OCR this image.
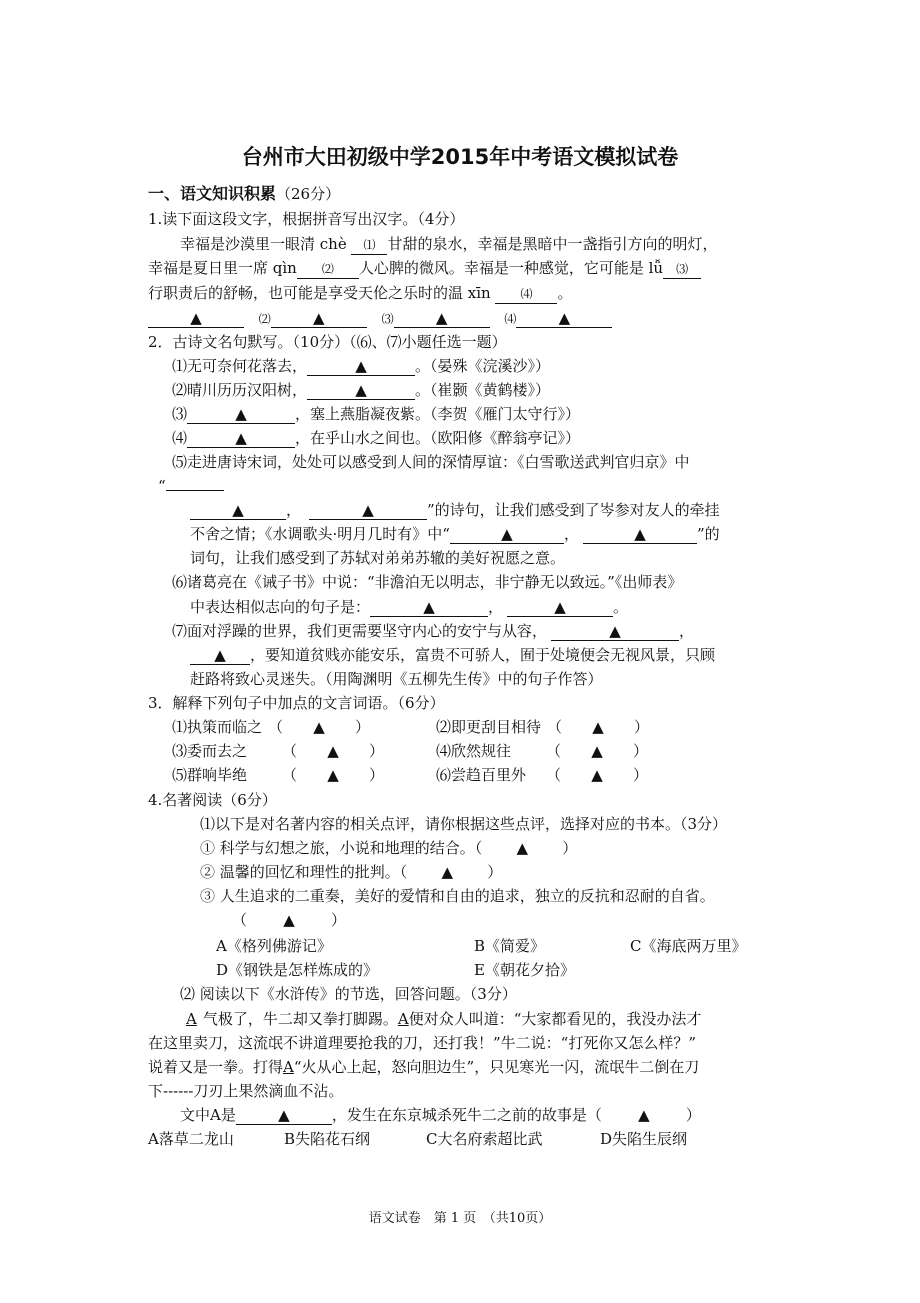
台州市大田初级中学2015年中考语文模拟试卷
一、语文知识积累（26分）
1.读下面这段文字，根据拼音写出汉字。（4分）
幸福是沙漠里一眼清 chè ⑴ 甘甜的泉水，幸福是黑暗中一盏指引方向的明灯，
幸福是夏日里一席 qìn ⑵ 人心脾的微风。幸福是一种感觉，它可能是 lǚ ⑶
行职责后的舒畅，也可能是享受天伦之乐时的温 xīn ⑷ 。
▲	⑵	▲	⑶	▲	⑷	▲
2．古诗文名句默写。（10分）（⑹、⑺小题任选一题）
⑴无可奈何花落去，	▲	。（晏殊《浣溪沙》）
⑵晴川历历汉阳树，	▲	。（崔颢《黄鹤楼》）
⑶	▲	，塞上燕脂凝夜紫。（李贺《雁门太守行》）
⑷	▲	，在乎山水之间也。（欧阳修《醉翁亭记》）
⑸走进唐诗宋词，处处可以感受到人间的深情厚谊：《白雪歌送武判官归京》中
“
▲	，	▲	”的诗句，让我们感受到了岑参对友人的牵挂
不舍之情；《水调歌头·明月几时有》中“	▲	，	▲	”的
词句，让我们感受到了苏轼对弟弟苏辙的美好祝愿之意。
⑹诸葛亮在《诫子书》中说：“非澹泊无以明志，非宁静无以致远。”《出师表》
中表达相似志向的句子是：	▲	，	▲	。
⑺面对浮躁的世界，我们更需要坚守内心的安宁与从容，	▲	，
▲ ，要知道贫贱亦能安乐，富贵不可骄人，囿于处境便会无视风景，只顾
赶路将致心灵迷失。（用陶渊明《五柳先生传》中的句子作答）
3．解释下列句子中加点的文言词语。（6分）
⑴执策而临之 （ ▲ ）	⑵即更刮目相待 （ ▲ ）
⑶委而去之 （ ▲ ）	⑷欣然规往 （ ▲ ）
⑸群响毕绝 （ ▲ ）	⑹尝趋百里外 （ ▲ ）
4.名著阅读（6分）
⑴以下是对名著内容的相关点评，请你根据这些点评，选择对应的书本。（3分）
① 科学与幻想之旅，小说和地理的结合。（ ▲ ）
② 温馨的回忆和理性的批判。（ ▲ ）
③ 人生追求的二重奏，美好的爱情和自由的追求，独立的反抗和忍耐的自省。
（ ▲ ）
A《格列佛游记》	B《简爱》	C《海底两万里》
D《钢铁是怎样炼成的》	E《朝花夕拾》
⑵ 阅读以下《水浒传》的节选，回答问题。（3分）
A 气极了，牛二却又拳打脚踢。A便对众人叫道：“大家都看见的，我没办法才
在这里卖刀，这流氓不讲道理要抢我的刀，还打我！”牛二说：“打死你又怎么样？”
说着又是一拳。打得A“火从心上起，怒向胆边生”，只见寒光一闪，流氓牛二倒在刀
下------刀刃上果然滴血不沾。
文中A是	▲	，发生在东京城杀死牛二之前的故事是（ ▲ ）
A落草二龙山	B失陷花石纲	C大名府索超比武	D失陷生辰纲
语文试卷　第 1 页　（共10页）
